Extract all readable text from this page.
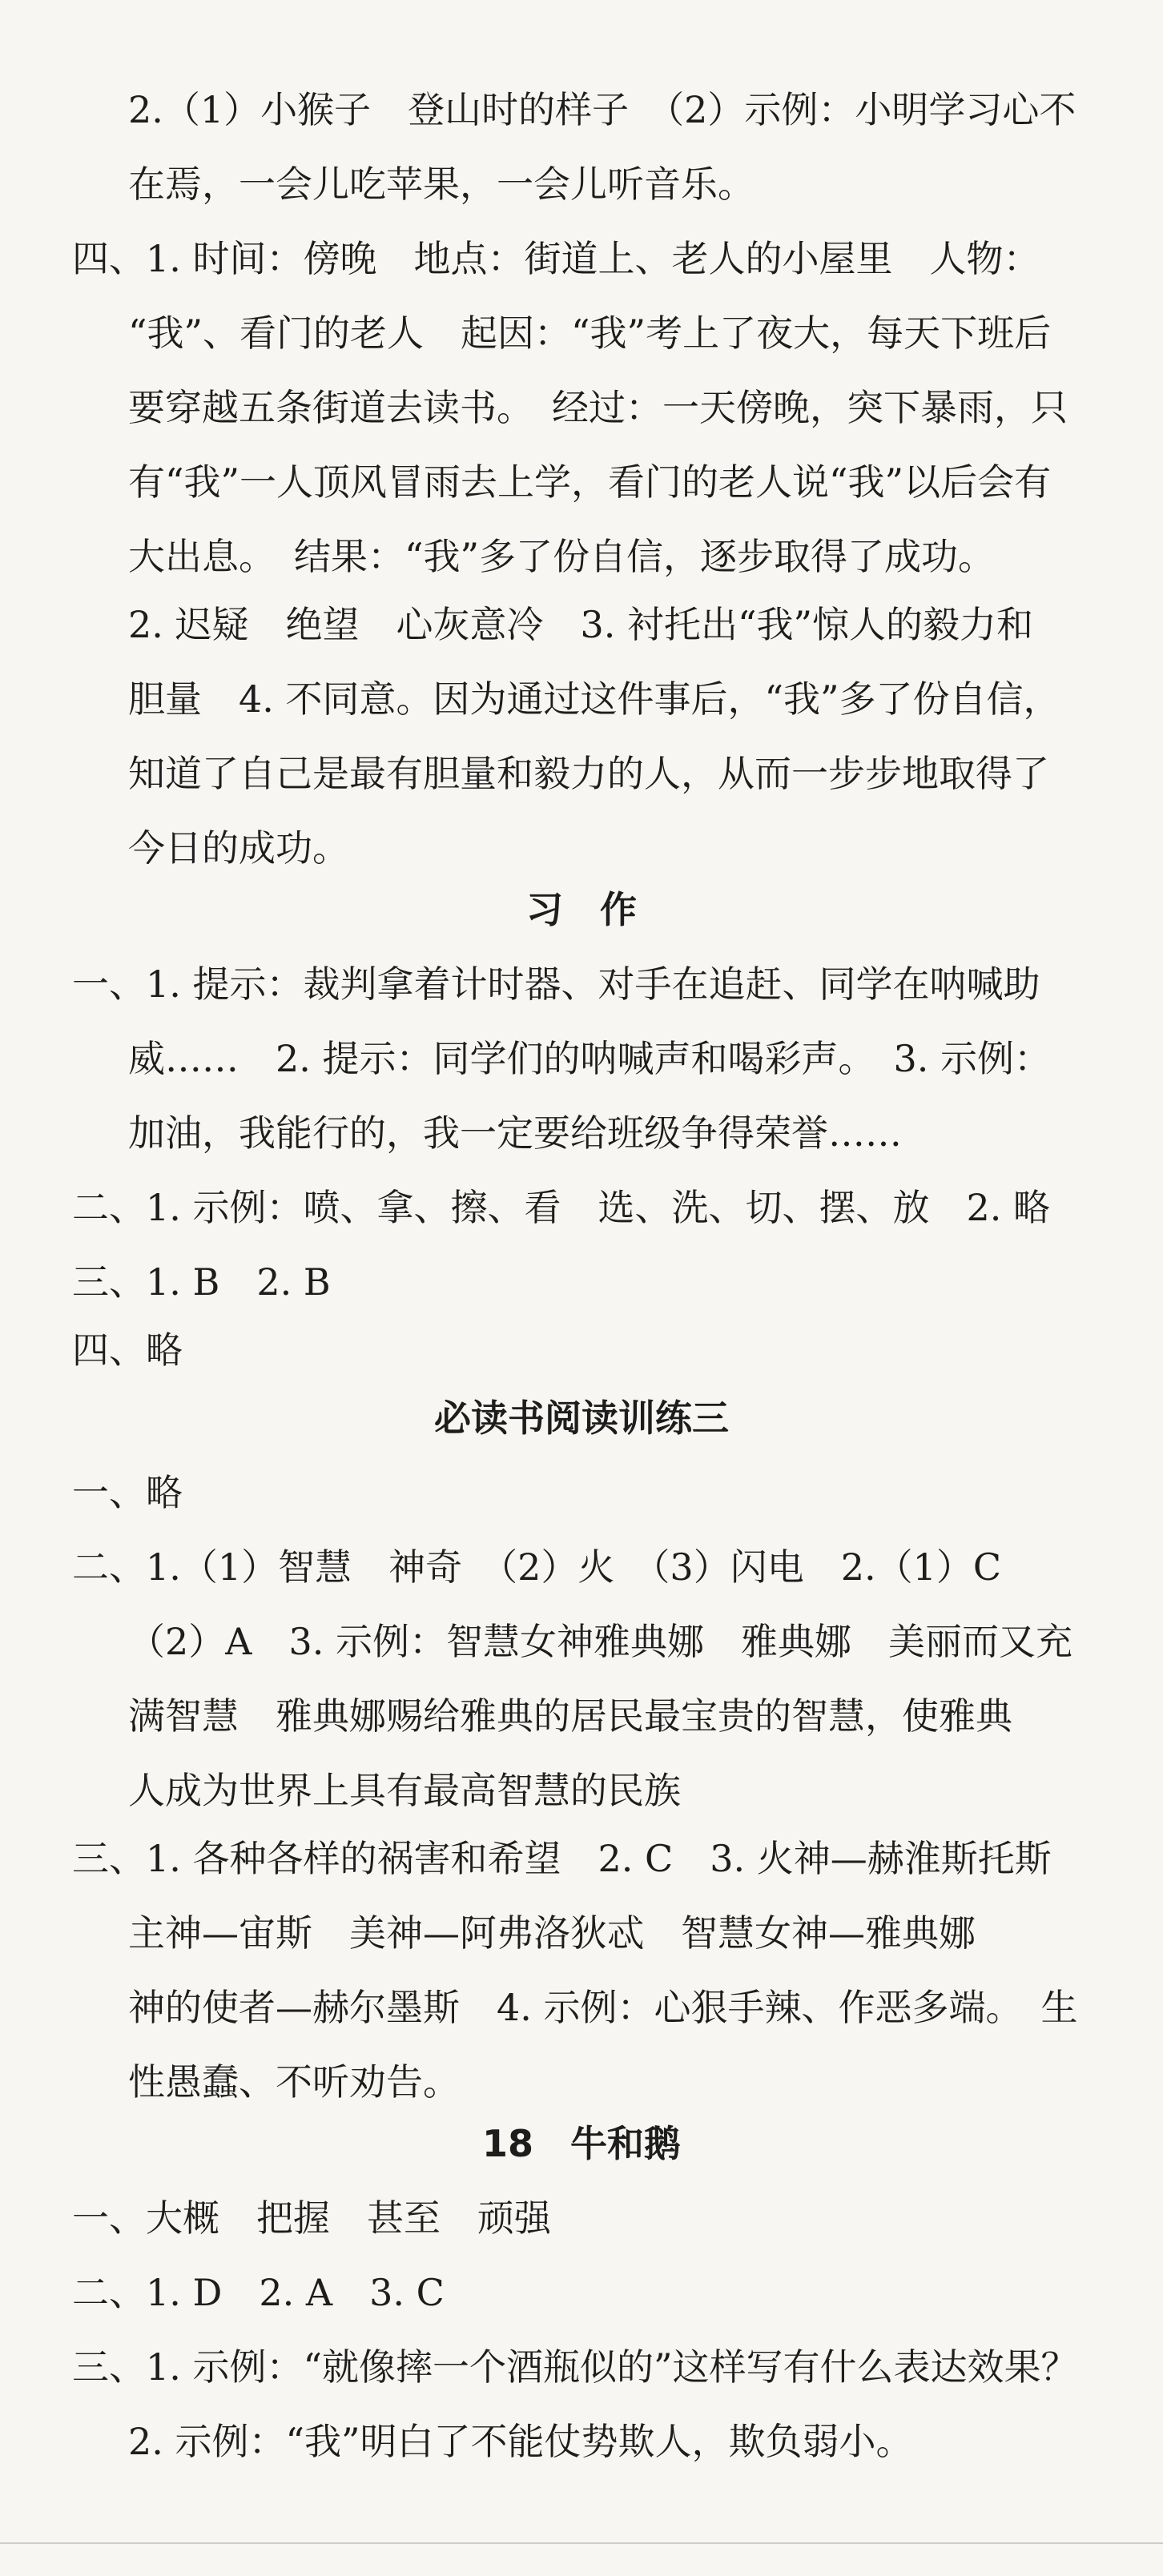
2.（1）小猴子　登山时的样子　（2）示例：小明学习心不
在焉，一会儿吃苹果，一会儿听音乐。
四、1. 时间：傍晚　地点：街道上、老人的小屋里　人物：
“我”、看门的老人　起因：“我”考上了夜大，每天下班后
要穿越五条街道去读书。　经过：一天傍晚，突下暴雨，只
有“我”一人顶风冒雨去上学，看门的老人说“我”以后会有
大出息。　结果：“我”多了份自信，逐步取得了成功。
2. 迟疑　绝望　心灰意冷　3. 衬托出“我”惊人的毅力和
胆量　4. 不同意。因为通过这件事后，“我”多了份自信，
知道了自己是最有胆量和毅力的人，从而一步步地取得了
今日的成功。
习　作
一、1. 提示：裁判拿着计时器、对手在追赶、同学在呐喊助
威……　2. 提示：同学们的呐喊声和喝彩声。　3. 示例：
加油，我能行的，我一定要给班级争得荣誉……
二、1. 示例：喷、拿、擦、看　选、洗、切、摆、放　2. 略
三、1. B　2. B
四、略
必读书阅读训练三
一、略
二、1.（1）智慧　神奇　（2）火　（3）闪电　2.（1）C
（2）A　3. 示例：智慧女神雅典娜　雅典娜　美丽而又充
满智慧　雅典娜赐给雅典的居民最宝贵的智慧，使雅典
人成为世界上具有最高智慧的民族
三、1. 各种各样的祸害和希望　2. C　3. 火神—赫淮斯托斯
主神—宙斯　美神—阿弗洛狄忒　智慧女神—雅典娜
神的使者—赫尔墨斯　4. 示例：心狠手辣、作恶多端。　生
性愚蠢、不听劝告。
18　牛和鹅
一、大概　把握　甚至　顽强
二、1. D　2. A　3. C
三、1. 示例：“就像摔一个酒瓶似的”这样写有什么表达效果？
2. 示例：“我”明白了不能仗势欺人，欺负弱小。
